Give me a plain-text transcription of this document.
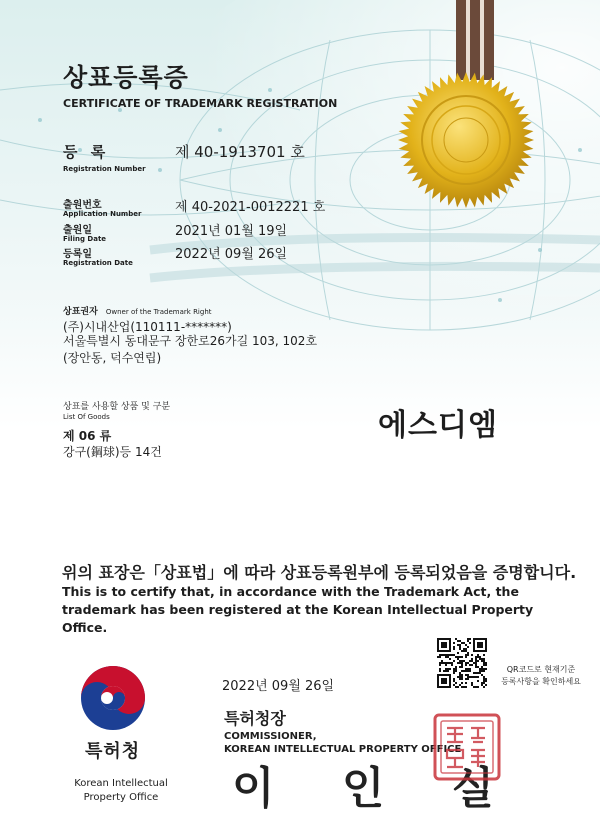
상표등록증
CERTIFICATE OF TRADEMARK REGISTRATION
등 록
Registration Number
제 40-1913701 호
출원번호
Application Number	제 40-2021-0012221 호
출원일
Filing Date	2021년 01월 19일
등록일
Registration Date
2022년 09월 26일
상표권자 Owner of the Trademark Right
(주)시내산업(110111-*******)
서울특별시 동대문구 장한로26가길 103, 102호(장안동, 덕수연립)
상표를 사용할 상품 및 구분
List Of Goods
제 06 류
강구(鋼球)등 14건
에스디엠
위의 표장은「상표법」에 따라 상표등록원부에 등록되었음을 증명합니다.
This is to certify that, in accordance with the Trademark Act, the trademark has been registered at the Korean Intellectual Property Office.
특허청
Korean Intellectual
Property Office
2022년 09월 26일
특허청장
COMMISSIONER,
KOREAN INTELLECTUAL PROPERTY OFFICE
이 인 실
QR코드로 현재기준
등록사항을 확인하세요
